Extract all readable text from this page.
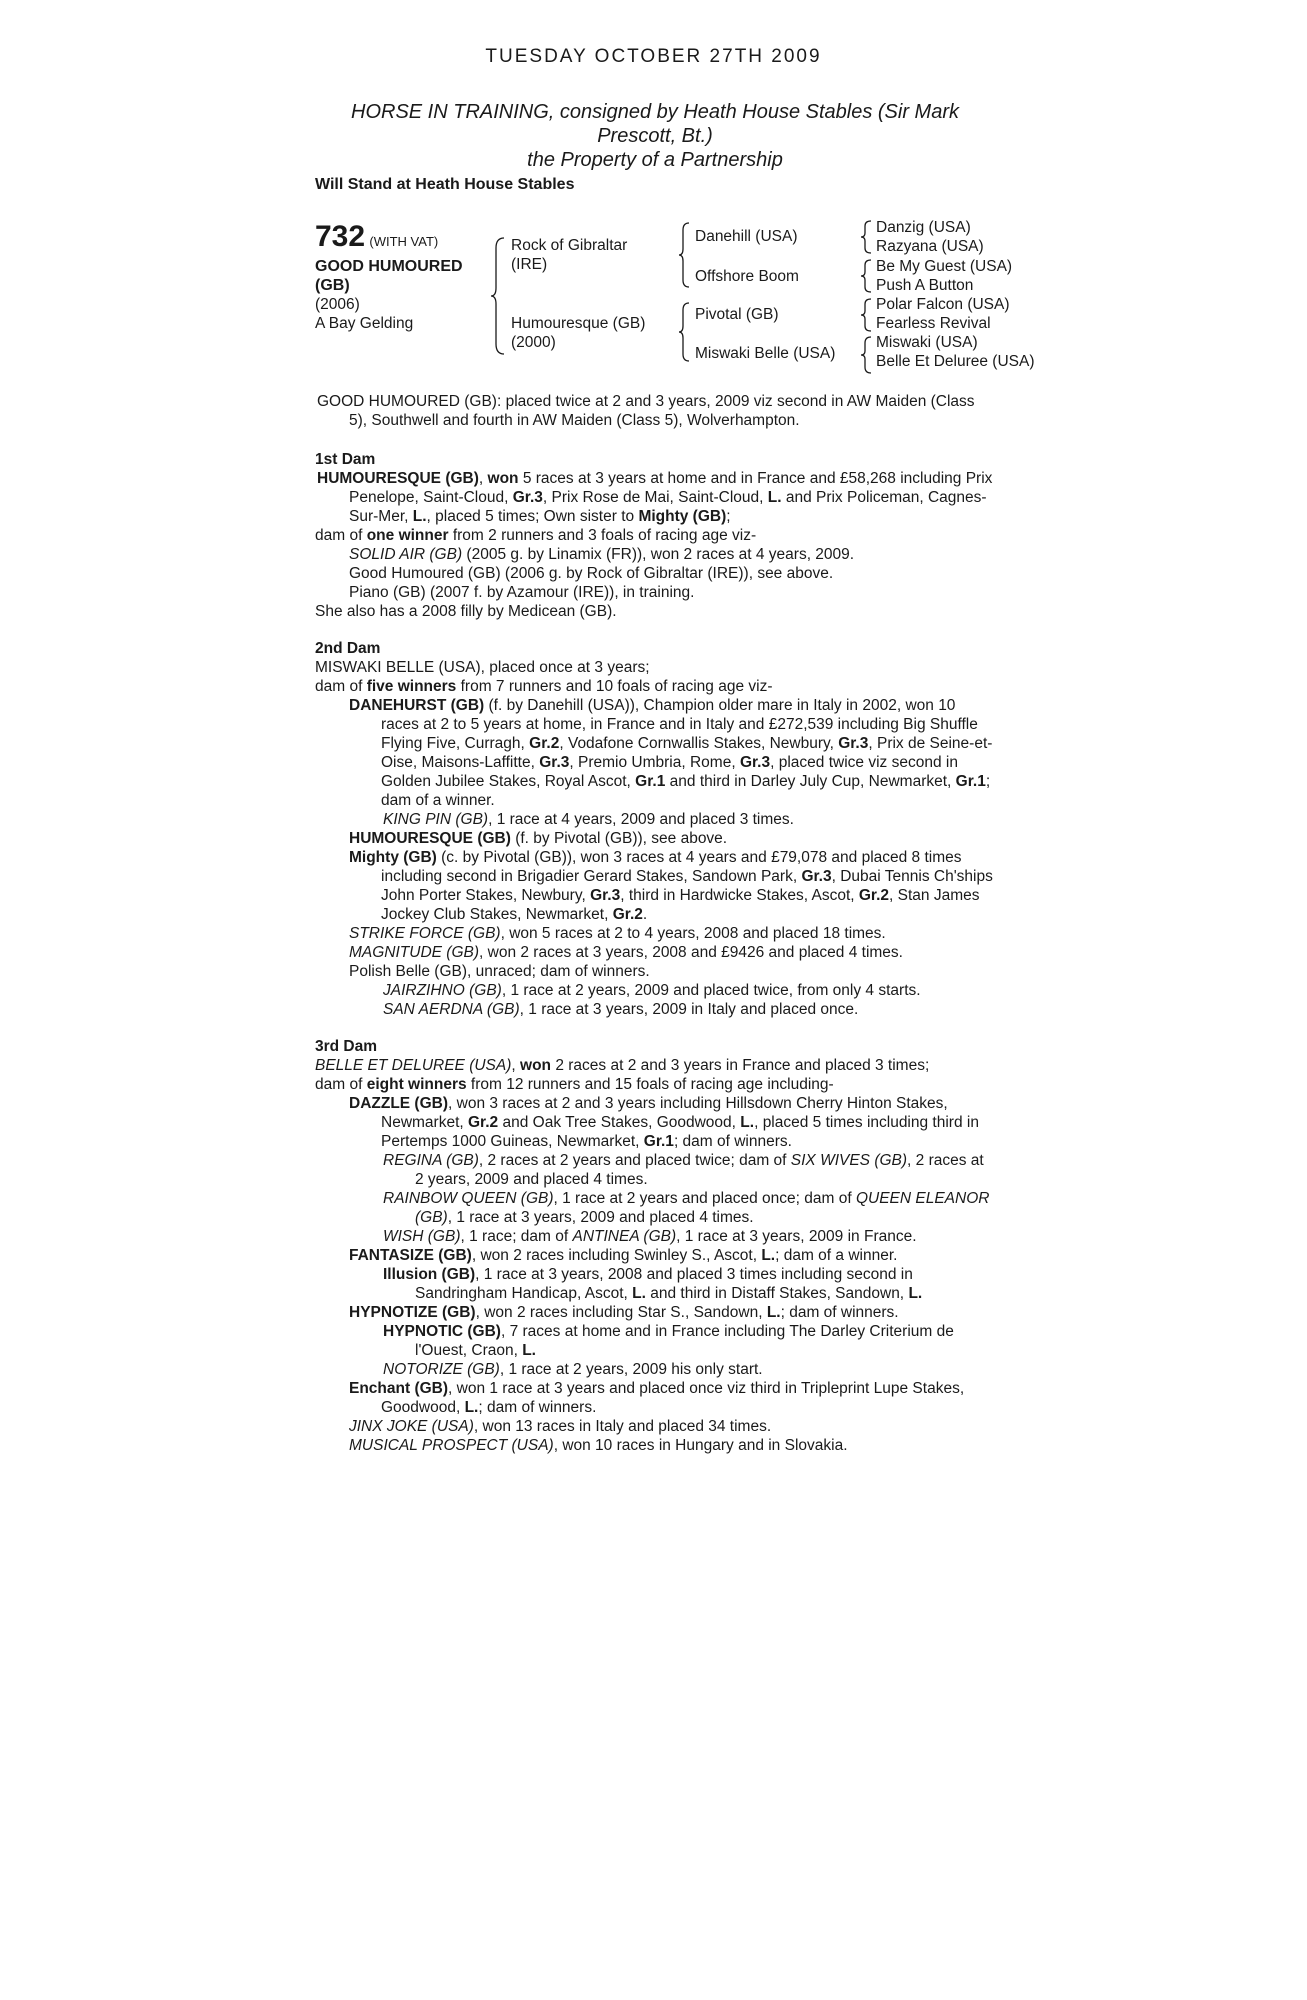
TUESDAY OCTOBER 27TH 2009
HORSE IN TRAINING, consigned by Heath House Stables (Sir Mark
Prescott, Bt.)
the Property of a Partnership
Will Stand at Heath House Stables
732 (WITH VAT)
GOOD HUMOURED
(GB)
(2006)
A Bay Gelding
Rock of Gibraltar
(IRE)
Humouresque (GB)
(2000)
Danehill (USA)
Offshore Boom
Pivotal (GB)
Miswaki Belle (USA)
Danzig (USA)
Razyana (USA)
Be My Guest (USA)
Push A Button
Polar Falcon (USA)
Fearless Revival
Miswaki (USA)
Belle Et Deluree (USA)

GOOD HUMOURED (GB): placed twice at 2 and 3 years, 2009 viz second in AW Maiden (Class 5), Southwell and fourth in AW Maiden (Class 5), Wolverhampton.

1st Dam

HUMOURESQUE (GB), won 5 races at 3 years at home and in France and £58,268 including Prix Penelope, Saint-Cloud, Gr.3, Prix Rose de Mai, Saint-Cloud, L. and Prix Policeman, Cagnes-Sur-Mer, L., placed 5 times; Own sister to Mighty (GB);

dam of one winner from 2 runners and 3 foals of racing age viz-

SOLID AIR (GB) (2005 g. by Linamix (FR)), won 2 races at 4 years, 2009.

Good Humoured (GB) (2006 g. by Rock of Gibraltar (IRE)), see above.

Piano (GB) (2007 f. by Azamour (IRE)), in training.

She also has a 2008 filly by Medicean (GB).

2nd Dam

MISWAKI BELLE (USA), placed once at 3 years;

dam of five winners from 7 runners and 10 foals of racing age viz-

DANEHURST (GB) (f. by Danehill (USA)), Champion older mare in Italy in 2002, won 10 races at 2 to 5 years at home, in France and in Italy and £272,539 including Big Shuffle Flying Five, Curragh, Gr.2, Vodafone Cornwallis Stakes, Newbury, Gr.3, Prix de Seine-et-Oise, Maisons-Laffitte, Gr.3, Premio Umbria, Rome, Gr.3, placed twice viz second in Golden Jubilee Stakes, Royal Ascot, Gr.1 and third in Darley July Cup, Newmarket, Gr.1; dam of a winner.

KING PIN (GB), 1 race at 4 years, 2009 and placed 3 times.

HUMOURESQUE (GB) (f. by Pivotal (GB)), see above.

Mighty (GB) (c. by Pivotal (GB)), won 3 races at 4 years and £79,078 and placed 8 times including second in Brigadier Gerard Stakes, Sandown Park, Gr.3, Dubai Tennis Ch'ships John Porter Stakes, Newbury, Gr.3, third in Hardwicke Stakes, Ascot, Gr.2, Stan James Jockey Club Stakes, Newmarket, Gr.2.

STRIKE FORCE (GB), won 5 races at 2 to 4 years, 2008 and placed 18 times.

MAGNITUDE (GB), won 2 races at 3 years, 2008 and £9426 and placed 4 times.

Polish Belle (GB), unraced; dam of winners.

JAIRZIHNO (GB), 1 race at 2 years, 2009 and placed twice, from only 4 starts.

SAN AERDNA (GB), 1 race at 3 years, 2009 in Italy and placed once.

3rd Dam

BELLE ET DELUREE (USA), won 2 races at 2 and 3 years in France and placed 3 times;

dam of eight winners from 12 runners and 15 foals of racing age including-

DAZZLE (GB), won 3 races at 2 and 3 years including Hillsdown Cherry Hinton Stakes, Newmarket, Gr.2 and Oak Tree Stakes, Goodwood, L., placed 5 times including third in Pertemps 1000 Guineas, Newmarket, Gr.1; dam of winners.

REGINA (GB), 2 races at 2 years and placed twice; dam of SIX WIVES (GB), 2 races at 2 years, 2009 and placed 4 times.

RAINBOW QUEEN (GB), 1 race at 2 years and placed once; dam of QUEEN ELEANOR (GB), 1 race at 3 years, 2009 and placed 4 times.

WISH (GB), 1 race; dam of ANTINEA (GB), 1 race at 3 years, 2009 in France.

FANTASIZE (GB), won 2 races including Swinley S., Ascot, L.; dam of a winner.

Illusion (GB), 1 race at 3 years, 2008 and placed 3 times including second in Sandringham Handicap, Ascot, L. and third in Distaff Stakes, Sandown, L.

HYPNOTIZE (GB), won 2 races including Star S., Sandown, L.; dam of winners.

HYPNOTIC (GB), 7 races at home and in France including The Darley Criterium de l'Ouest, Craon, L.

NOTORIZE (GB), 1 race at 2 years, 2009 his only start.

Enchant (GB), won 1 race at 3 years and placed once viz third in Tripleprint Lupe Stakes, Goodwood, L.; dam of winners.

JINX JOKE (USA), won 13 races in Italy and placed 34 times.

MUSICAL PROSPECT (USA), won 10 races in Hungary and in Slovakia.
